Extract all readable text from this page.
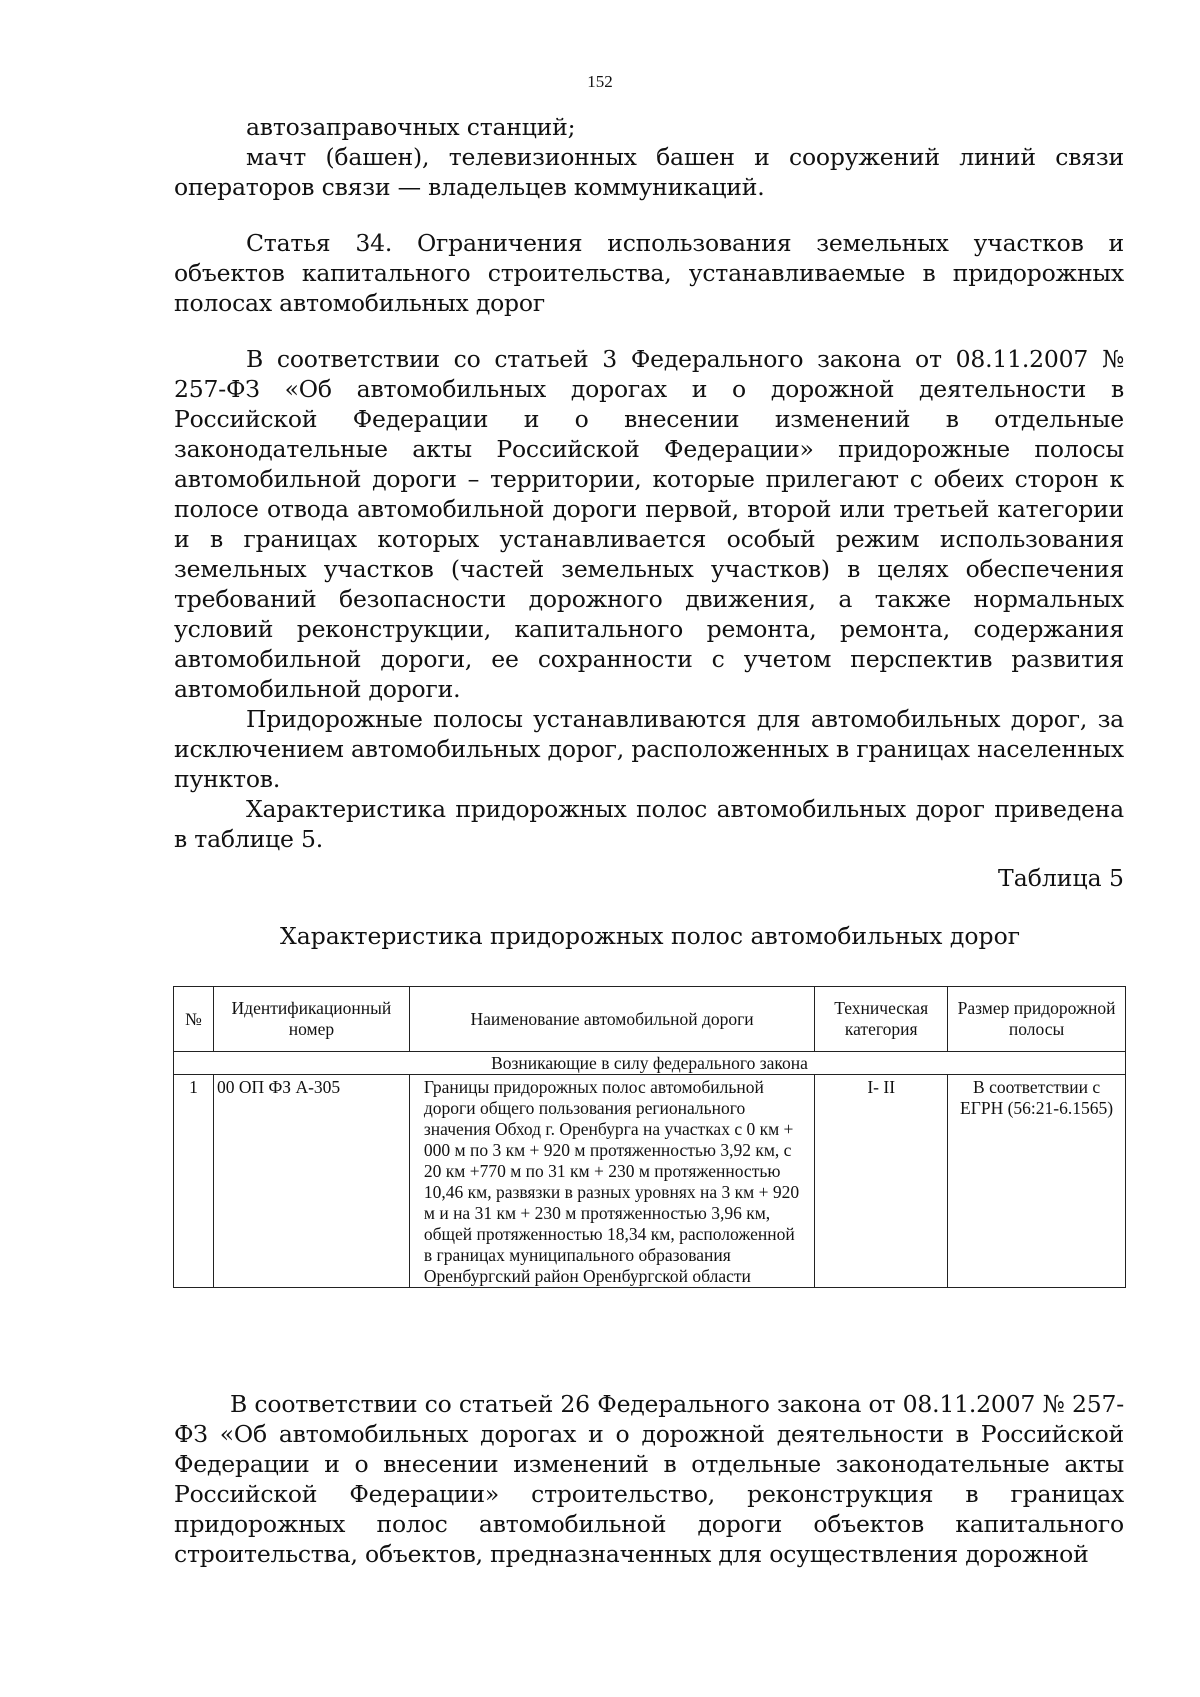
152

автозаправочных станций;

мачт (башен), телевизионных башен и сооружений линий связи операторов связи — владельцев коммуникаций.

Статья 34. Ограничения использования земельных участков и объектов капитального строительства, устанавливаемые в придорожных полосах автомобильных дорог

В соответствии со статьей 3 Федерального закона от 08.11.2007 № 257-ФЗ «Об автомобильных дорогах и о дорожной деятельности в Российской Федерации и о внесении изменений в отдельные законодательные акты Российской Федерации» придорожные полосы автомобильной дороги – территории, которые прилегают с обеих сторон к полосе отвода автомобильной дороги первой, второй или третьей категории и в границах которых устанавливается особый режим использования земельных участков (частей земельных участков) в целях обеспечения требований безопасности дорожного движения, а также нормальных условий реконструкции, капитального ремонта, ремонта, содержания автомобильной дороги, ее сохранности с учетом перспектив развития автомобильной дороги.

Придорожные полосы устанавливаются для автомобильных дорог, за исключением автомобильных дорог, расположенных в границах населенных пунктов.

Характеристика придорожных полос автомобильных дорог приведена в таблице 5.

Таблица 5
Характеристика придорожных полос автомобильных дорог
№	Идентификационный номер	Наименование автомобильной дороги	Техническая категория	Размер придорожной полосы
Возникающие в силу федерального закона				
1	00 ОП ФЗ А-305	Границы придорожных полос автомобильной дороги общего пользования регионального значения Обход г. Оренбурга на участках с 0 км + 000 м по 3 км + 920 м протяженностью 3,92 км, с 20 км +770 м по 31 км + 230 м протяженностью 10,46 км, развязки в разных уровнях на 3 км + 920 м и на 31 км + 230 м протяженностью 3,96 км, общей протяженностью 18,34 км, расположенной в границах муниципального образования Оренбургский район Оренбургской области	I- II	В соответствии с ЕГРН (56:21-6.1565)

В соответствии со статьей 26 Федерального закона от 08.11.2007 № 257-ФЗ «Об автомобильных дорогах и о дорожной деятельности в Российской Федерации и о внесении изменений в отдельные законодательные акты Российской Федерации» строительство, реконструкция в границах придорожных полос автомобильной дороги объектов капитального строительства, объектов, предназначенных для осуществления дорожной
